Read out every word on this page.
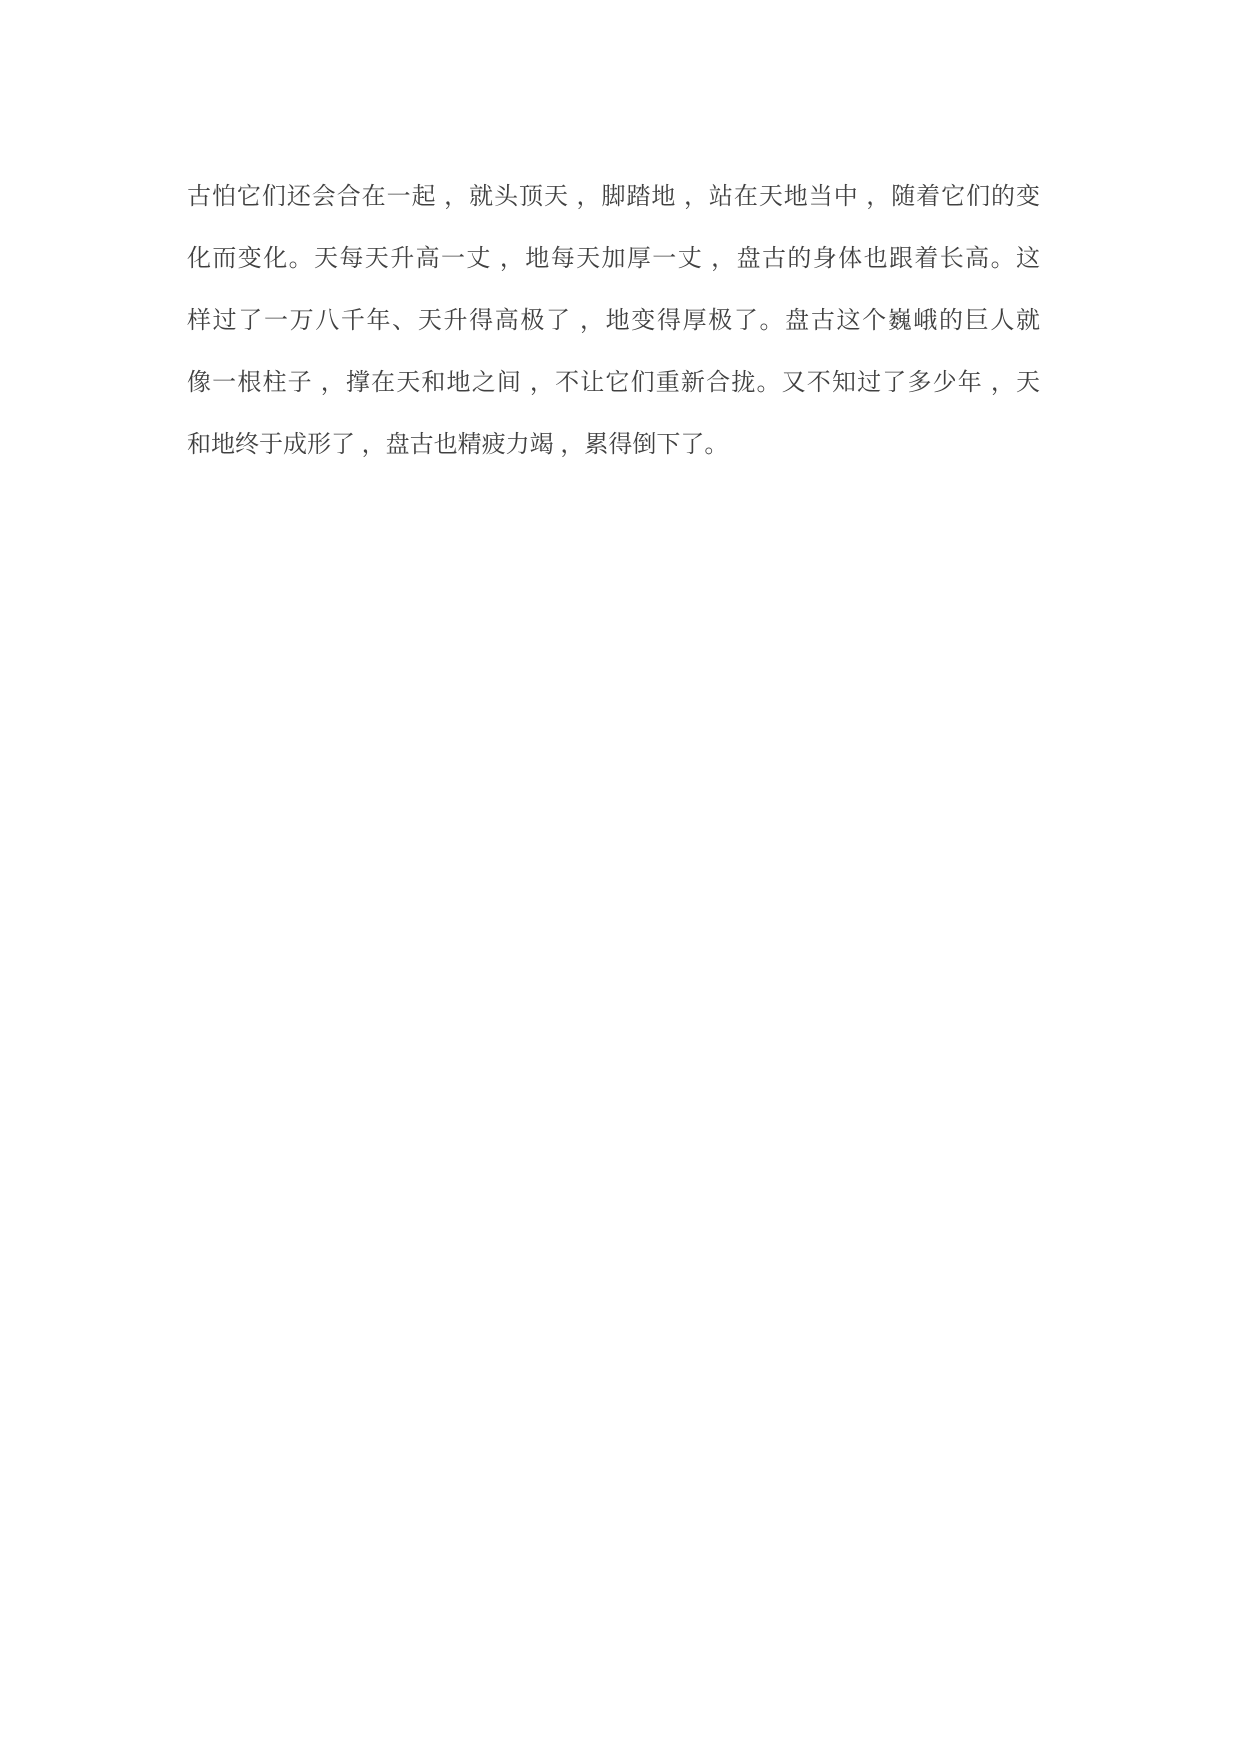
古怕它们还会合在一起 ，就头顶天 ，脚踏地 ，站在天地当中 ，随着它们的变
化而变化。天每天升高一丈 ，地每天加厚一丈 ，盘古的身体也跟着长高。这
样过了一万八千年、天升得高极了 ，地变得厚极了。盘古这个巍峨的巨人就
像一根柱子 ，撑在天和地之间 ，不让它们重新合拢。又不知过了多少年 ，天
和地终于成形了 ，盘古也精疲力竭 ，累得倒下了。
